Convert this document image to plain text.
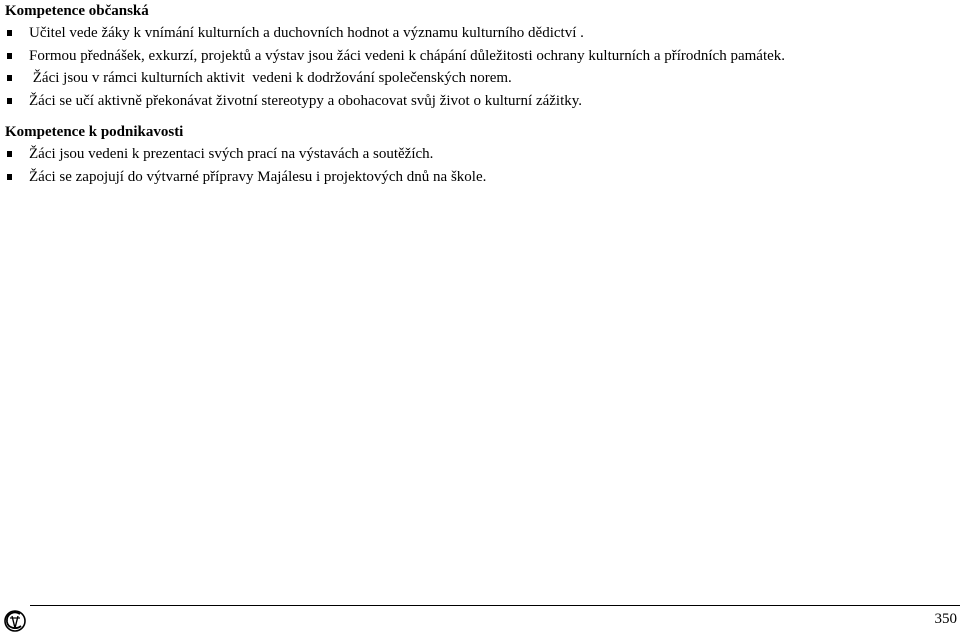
Kompetence občanská
Učitel vede žáky k vnímání kulturních a duchovních hodnot a významu kulturního dědictví .
Formou přednášek, exkurzí, projektů a výstav jsou žáci vedeni k chápání důležitosti ochrany kulturních a přírodních památek.
Žáci jsou v rámci kulturních aktivit  vedeni k dodržování společenských norem.
Žáci se učí aktivně překonávat životní stereotypy a obohacovat svůj život o kulturní zážitky.
Kompetence k podnikavosti
Žáci jsou vedeni k prezentaci svých prací na výstavách a soutěžích.
Žáci se zapojují do výtvarné přípravy Majálesu i projektových dnů na škole.
350
